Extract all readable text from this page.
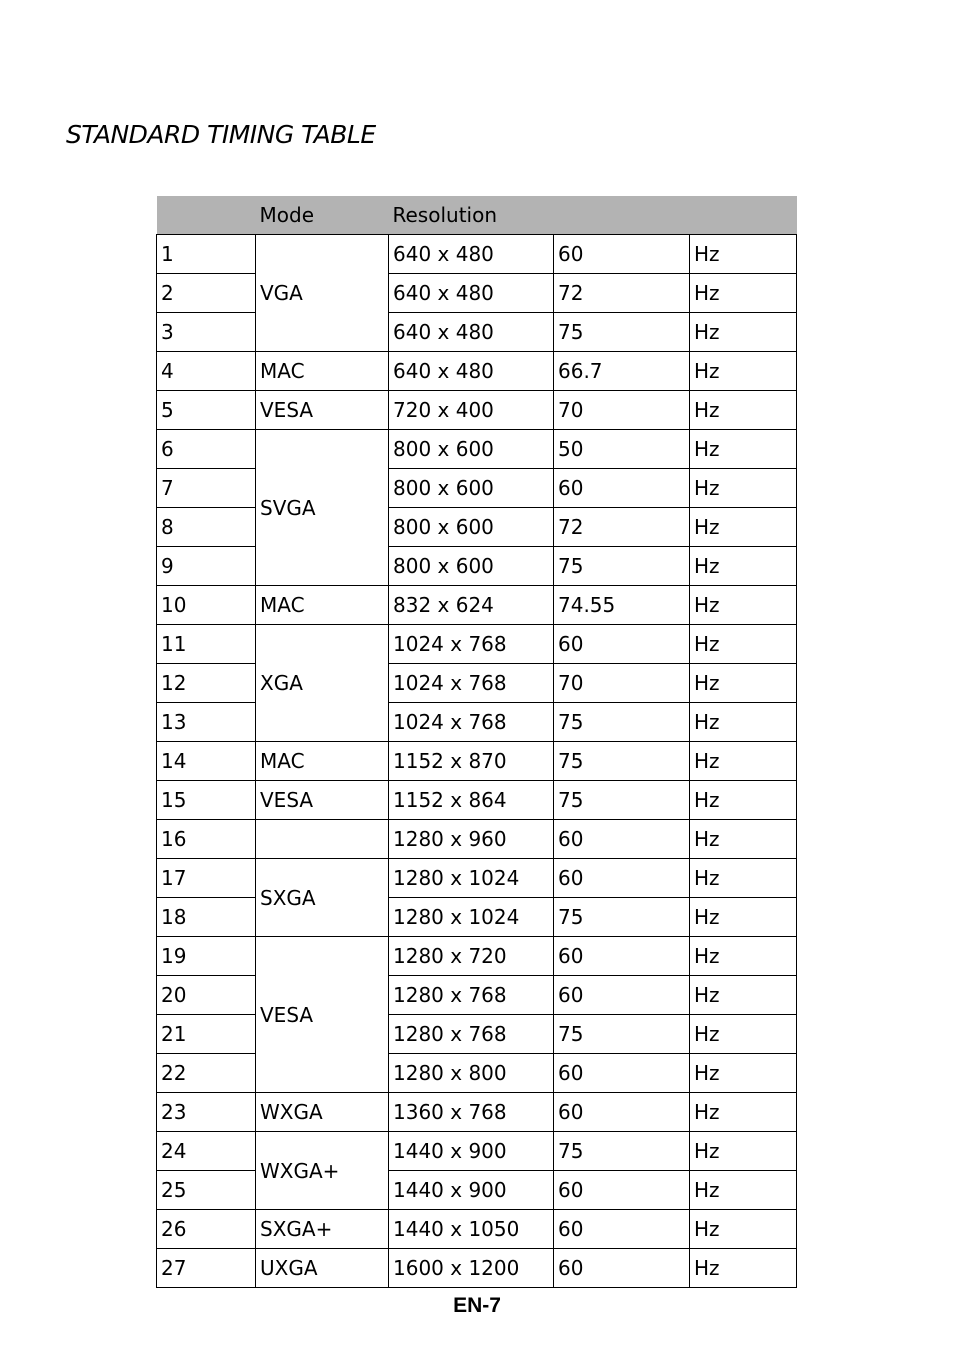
STANDARD TIMING TABLE
	Mode	Resolution		
1	VGA	640 x 480	60	Hz
2		640 x 480	72	Hz
3		640 x 480	75	Hz
4	MAC	640 x 480	66.7	Hz
5	VESA	720 x 400	70	Hz
6	SVGA	800 x 600	50	Hz
7		800 x 600	60	Hz
8		800 x 600	72	Hz
9		800 x 600	75	Hz
10	MAC	832 x 624	74.55	Hz
11	XGA	1024 x 768	60	Hz
12		1024 x 768	70	Hz
13		1024 x 768	75	Hz
14	MAC	1152 x 870	75	Hz
15	VESA	1152 x 864	75	Hz
16		1280 x 960	60	Hz
17	SXGA	1280 x 1024	60	Hz
18		1280 x 1024	75	Hz
19	VESA	1280 x 720	60	Hz
20		1280 x 768	60	Hz
21		1280 x 768	75	Hz
22		1280 x 800	60	Hz
23	WXGA	1360 x 768	60	Hz
24	WXGA+	1440 x 900	75	Hz
25		1440 x 900	60	Hz
26	SXGA+	1440 x 1050	60	Hz
27	UXGA	1600 x 1200	60	Hz
EN-7
